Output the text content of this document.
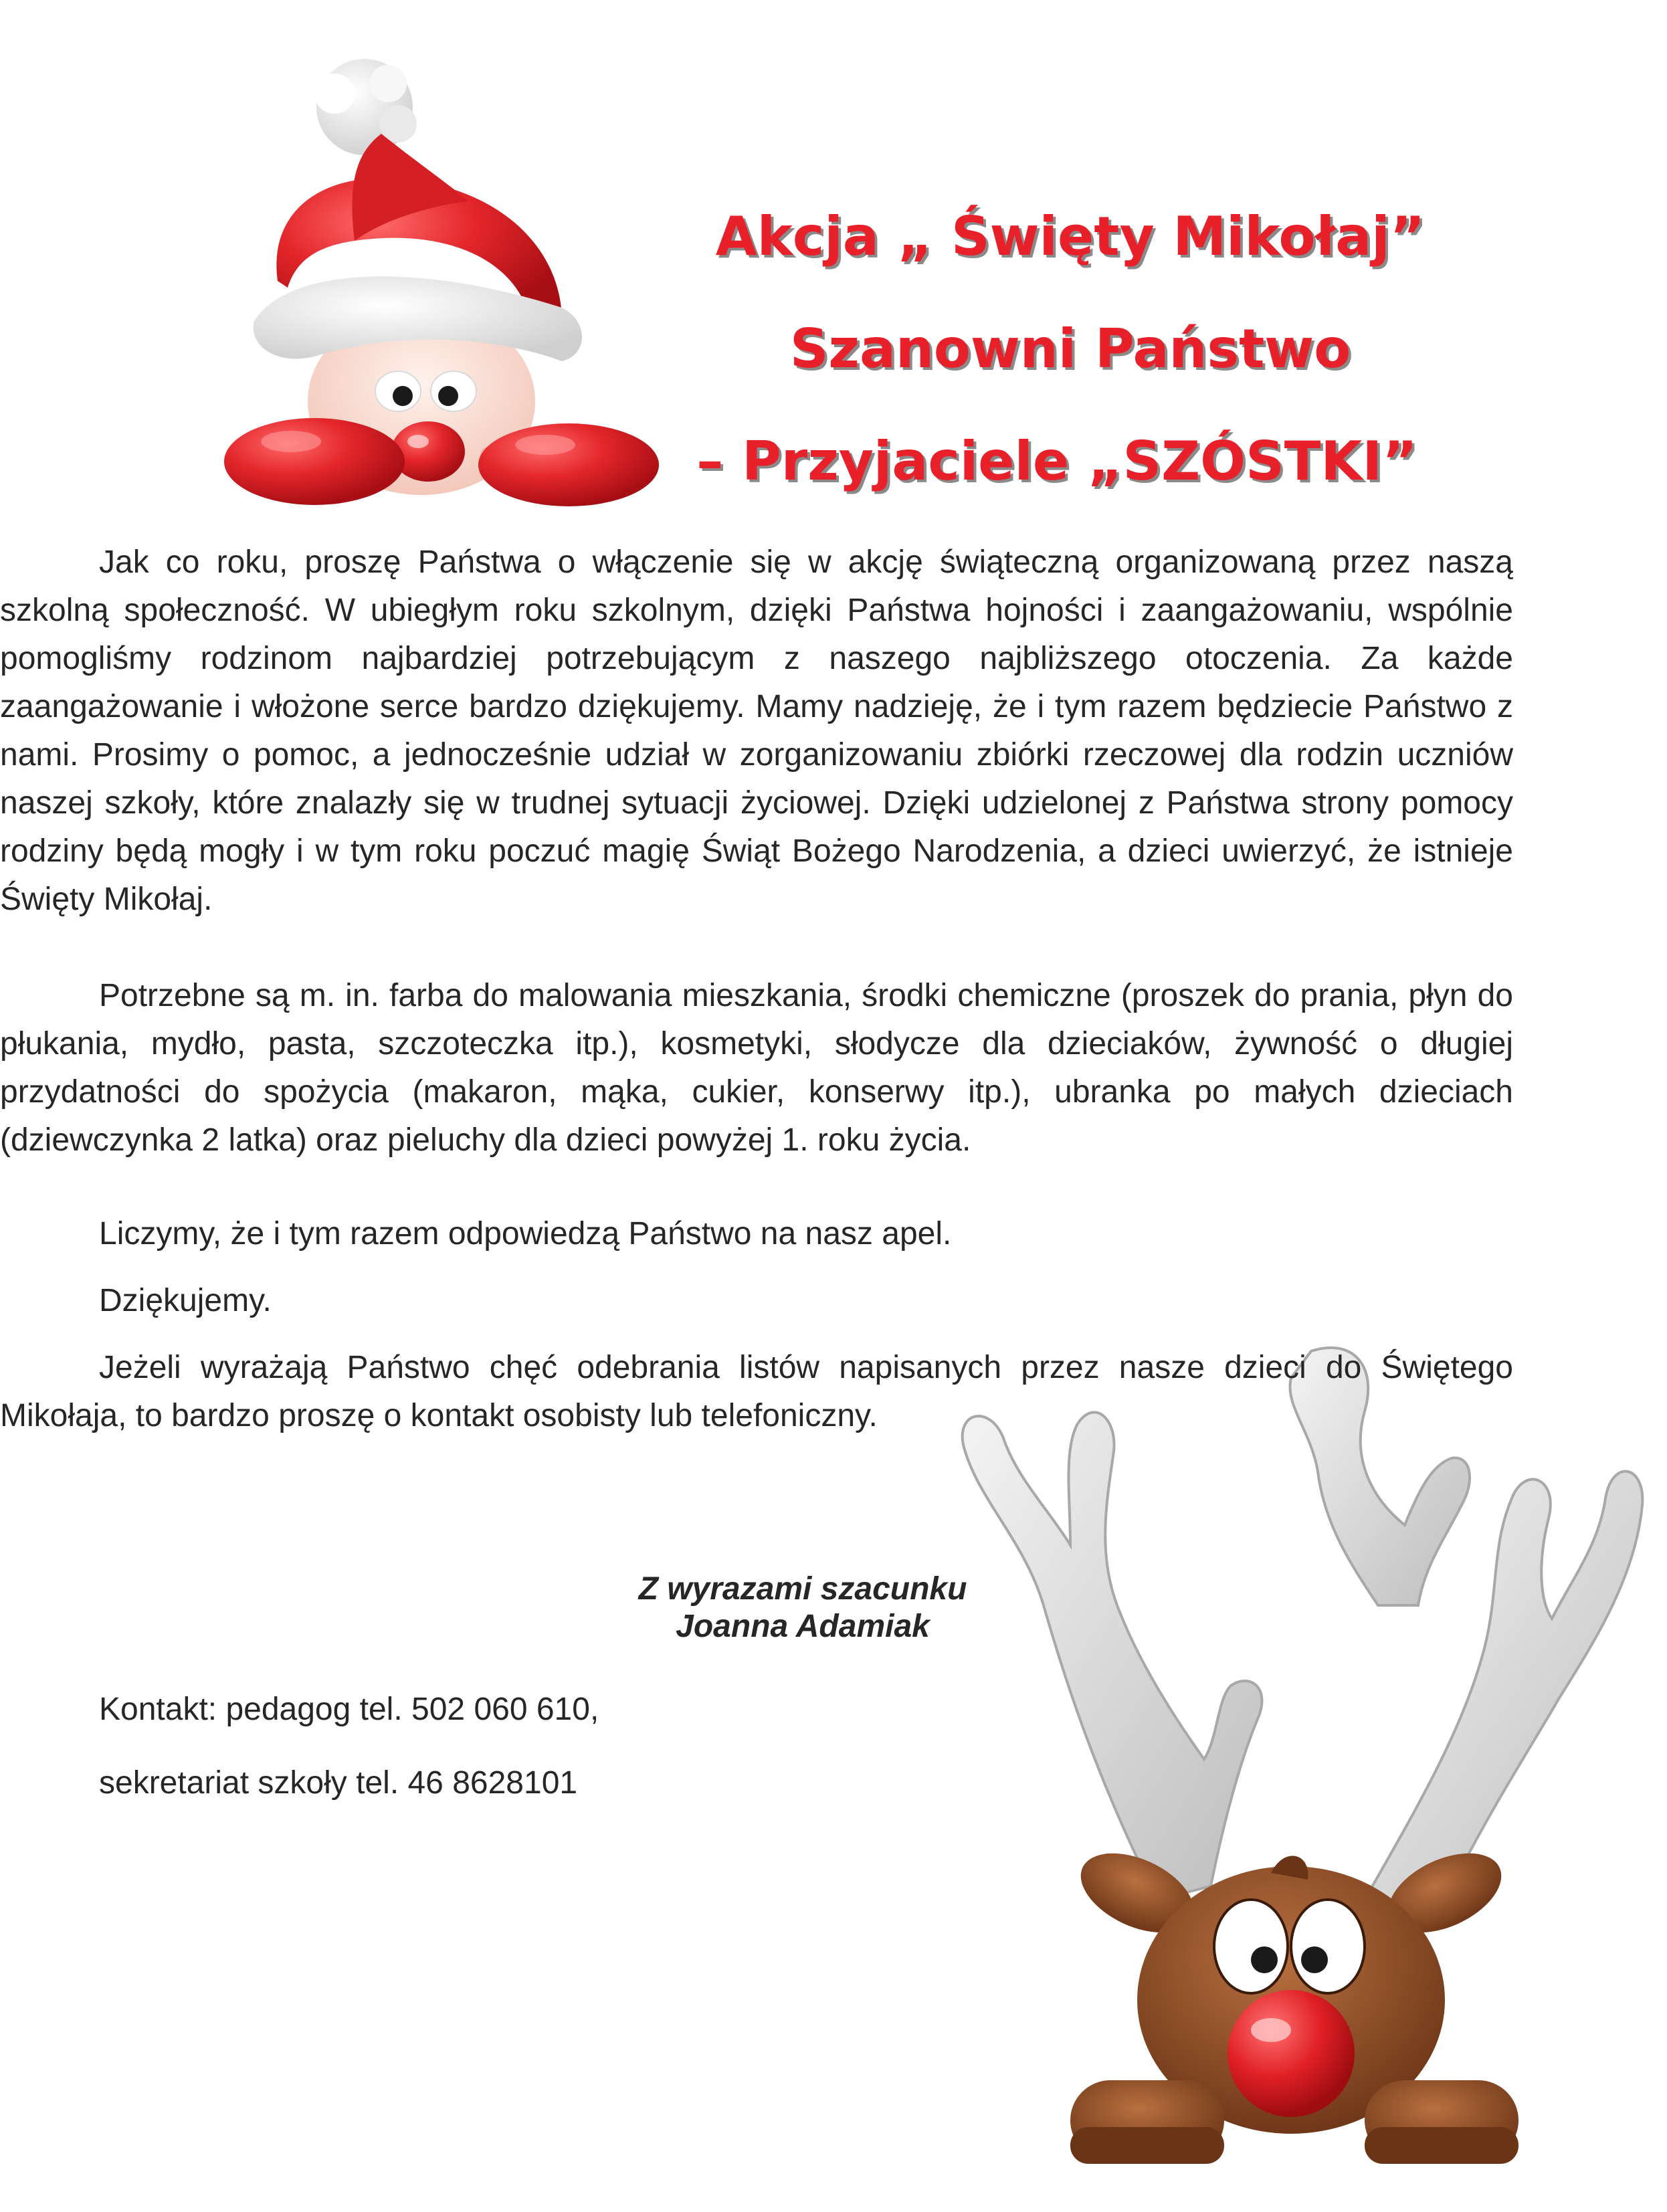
Akcja „ Święty Mikołaj”
Szanowni Państwo
– Przyjaciele „SZÓSTKI”

Jak co roku, proszę Państwa o włączenie się w akcję świąteczną organizowaną przez naszą szkolną społeczność. W ubiegłym roku szkolnym, dzięki Państwa hojności i zaangażowaniu, wspólnie pomogliśmy rodzinom najbardziej potrzebującym z naszego najbliższego otoczenia. Za każde zaangażowanie i włożone serce bardzo dziękujemy. Mamy nadzieję, że i tym razem będziecie Państwo z nami. Prosimy o pomoc, a jednocześnie udział w zorganizowaniu zbiórki rzeczowej dla rodzin uczniów naszej szkoły, które znalazły się w trudnej sytuacji życiowej. Dzięki udzielonej z Państwa strony pomocy rodziny będą mogły i w tym roku poczuć magię Świąt Bożego Narodzenia, a dzieci uwierzyć, że istnieje Święty Mikołaj.

Potrzebne są m. in. farba do malowania mieszkania, środki chemiczne (proszek do prania, płyn do płukania, mydło, pasta, szczoteczka itp.), kosmetyki, słodycze dla dzieciaków, żywność o długiej przydatności do spożycia (makaron, mąka, cukier, konserwy itp.), ubranka po małych dzieciach (dziewczynka 2 latka) oraz pieluchy dla dzieci powyżej 1. roku życia.

Liczymy, że i tym razem odpowiedzą Państwo na nasz apel.

Dziękujemy.

Jeżeli wyrażają Państwo chęć odebrania listów napisanych przez nasze dzieci do Świętego Mikołaja, to bardzo proszę o kontakt osobisty lub telefoniczny.

Z wyrazami szacunku
Joanna Adamiak

Kontakt: pedagog tel. 502 060 610,

sekretariat szkoły tel. 46 8628101
